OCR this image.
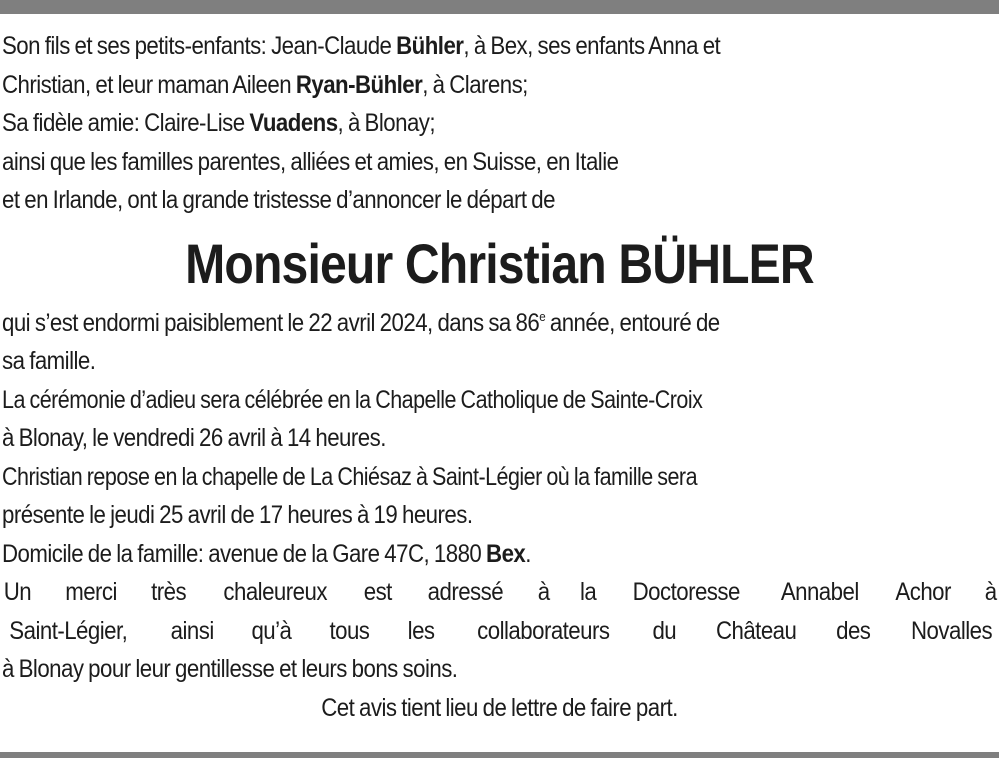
Son fils et ses petits-enfants: Jean-Claude Bühler, à Bex, ses enfants Anna et
Christian, et leur maman Aileen Ryan-Bühler, à Clarens;
Sa fidèle amie: Claire-Lise Vuadens, à Blonay;
ainsi que les familles parentes, alliées et amies, en Suisse, en Italie
et en Irlande, ont la grande tristesse d’annoncer le départ de
Monsieur Christian BÜHLER
qui s’est endormi paisiblement le 22 avril 2024, dans sa 86e année, entouré de
sa famille.
La cérémonie d’adieu sera célébrée en la Chapelle Catholique de Sainte-Croix
à Blonay, le vendredi 26 avril à 14 heures.
Christian repose en la chapelle de La Chiésaz à Saint-Légier où la famille sera
présente le jeudi 25 avril de 17 heures à 19 heures.
Domicile de la famille: avenue de la Gare 47C, 1880 Bex.
Un merci très chaleureux est adressé à la Doctoresse Annabel Achor à
Saint-Légier, ainsi qu’à tous les collaborateurs du Château des Novalles
à Blonay pour leur gentillesse et leurs bons soins.
Cet avis tient lieu de lettre de faire part.
